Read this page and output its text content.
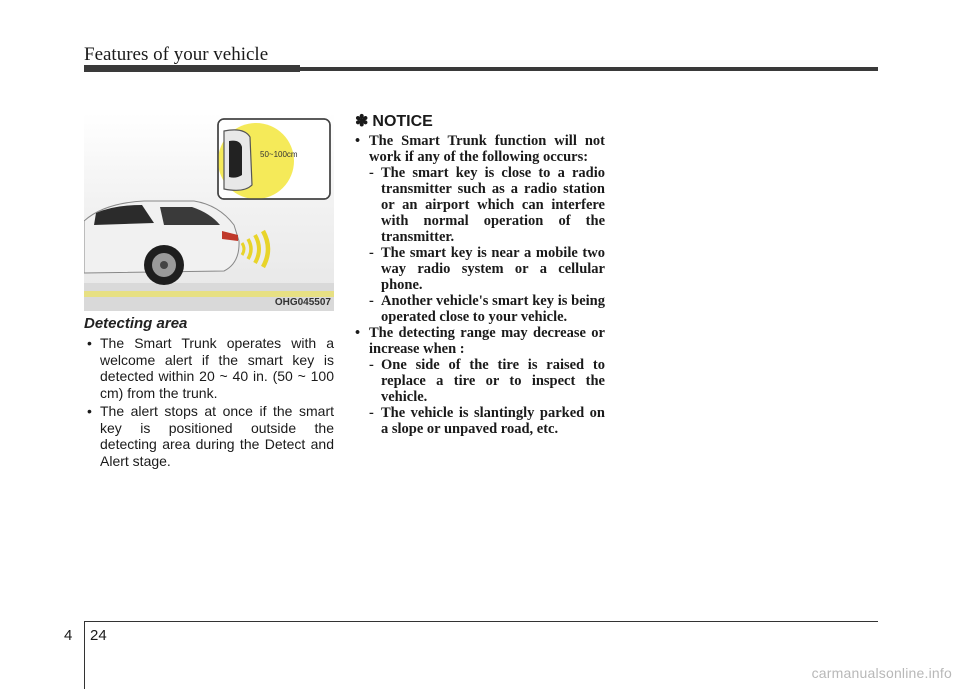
Features of your vehicle
50~100cm
OHG045507
Detecting area
• The Smart Trunk operates with a welcome alert if the smart key is detected within 20 ~ 40 in. (50 ~ 100 cm) from the trunk.
• The alert stops at once if the smart key is positioned outside the detecting area during the Detect and Alert stage.
✽ NOTICE
• The Smart Trunk function will not work if any of the following occurs:
- The smart key is close to a radio transmitter such as a radio station or an airport which can interfere with normal operation of the transmitter.
- The smart key is near a mobile two way radio system or a cellular phone.
- Another vehicle's smart key is being operated close to your vehicle.
• The detecting range may decrease or increase when :
- One side of the tire is raised to replace a tire or to inspect the vehicle.
- The vehicle is slantingly parked on a slope or unpaved road, etc.
4 24
carmanualsonline.info
